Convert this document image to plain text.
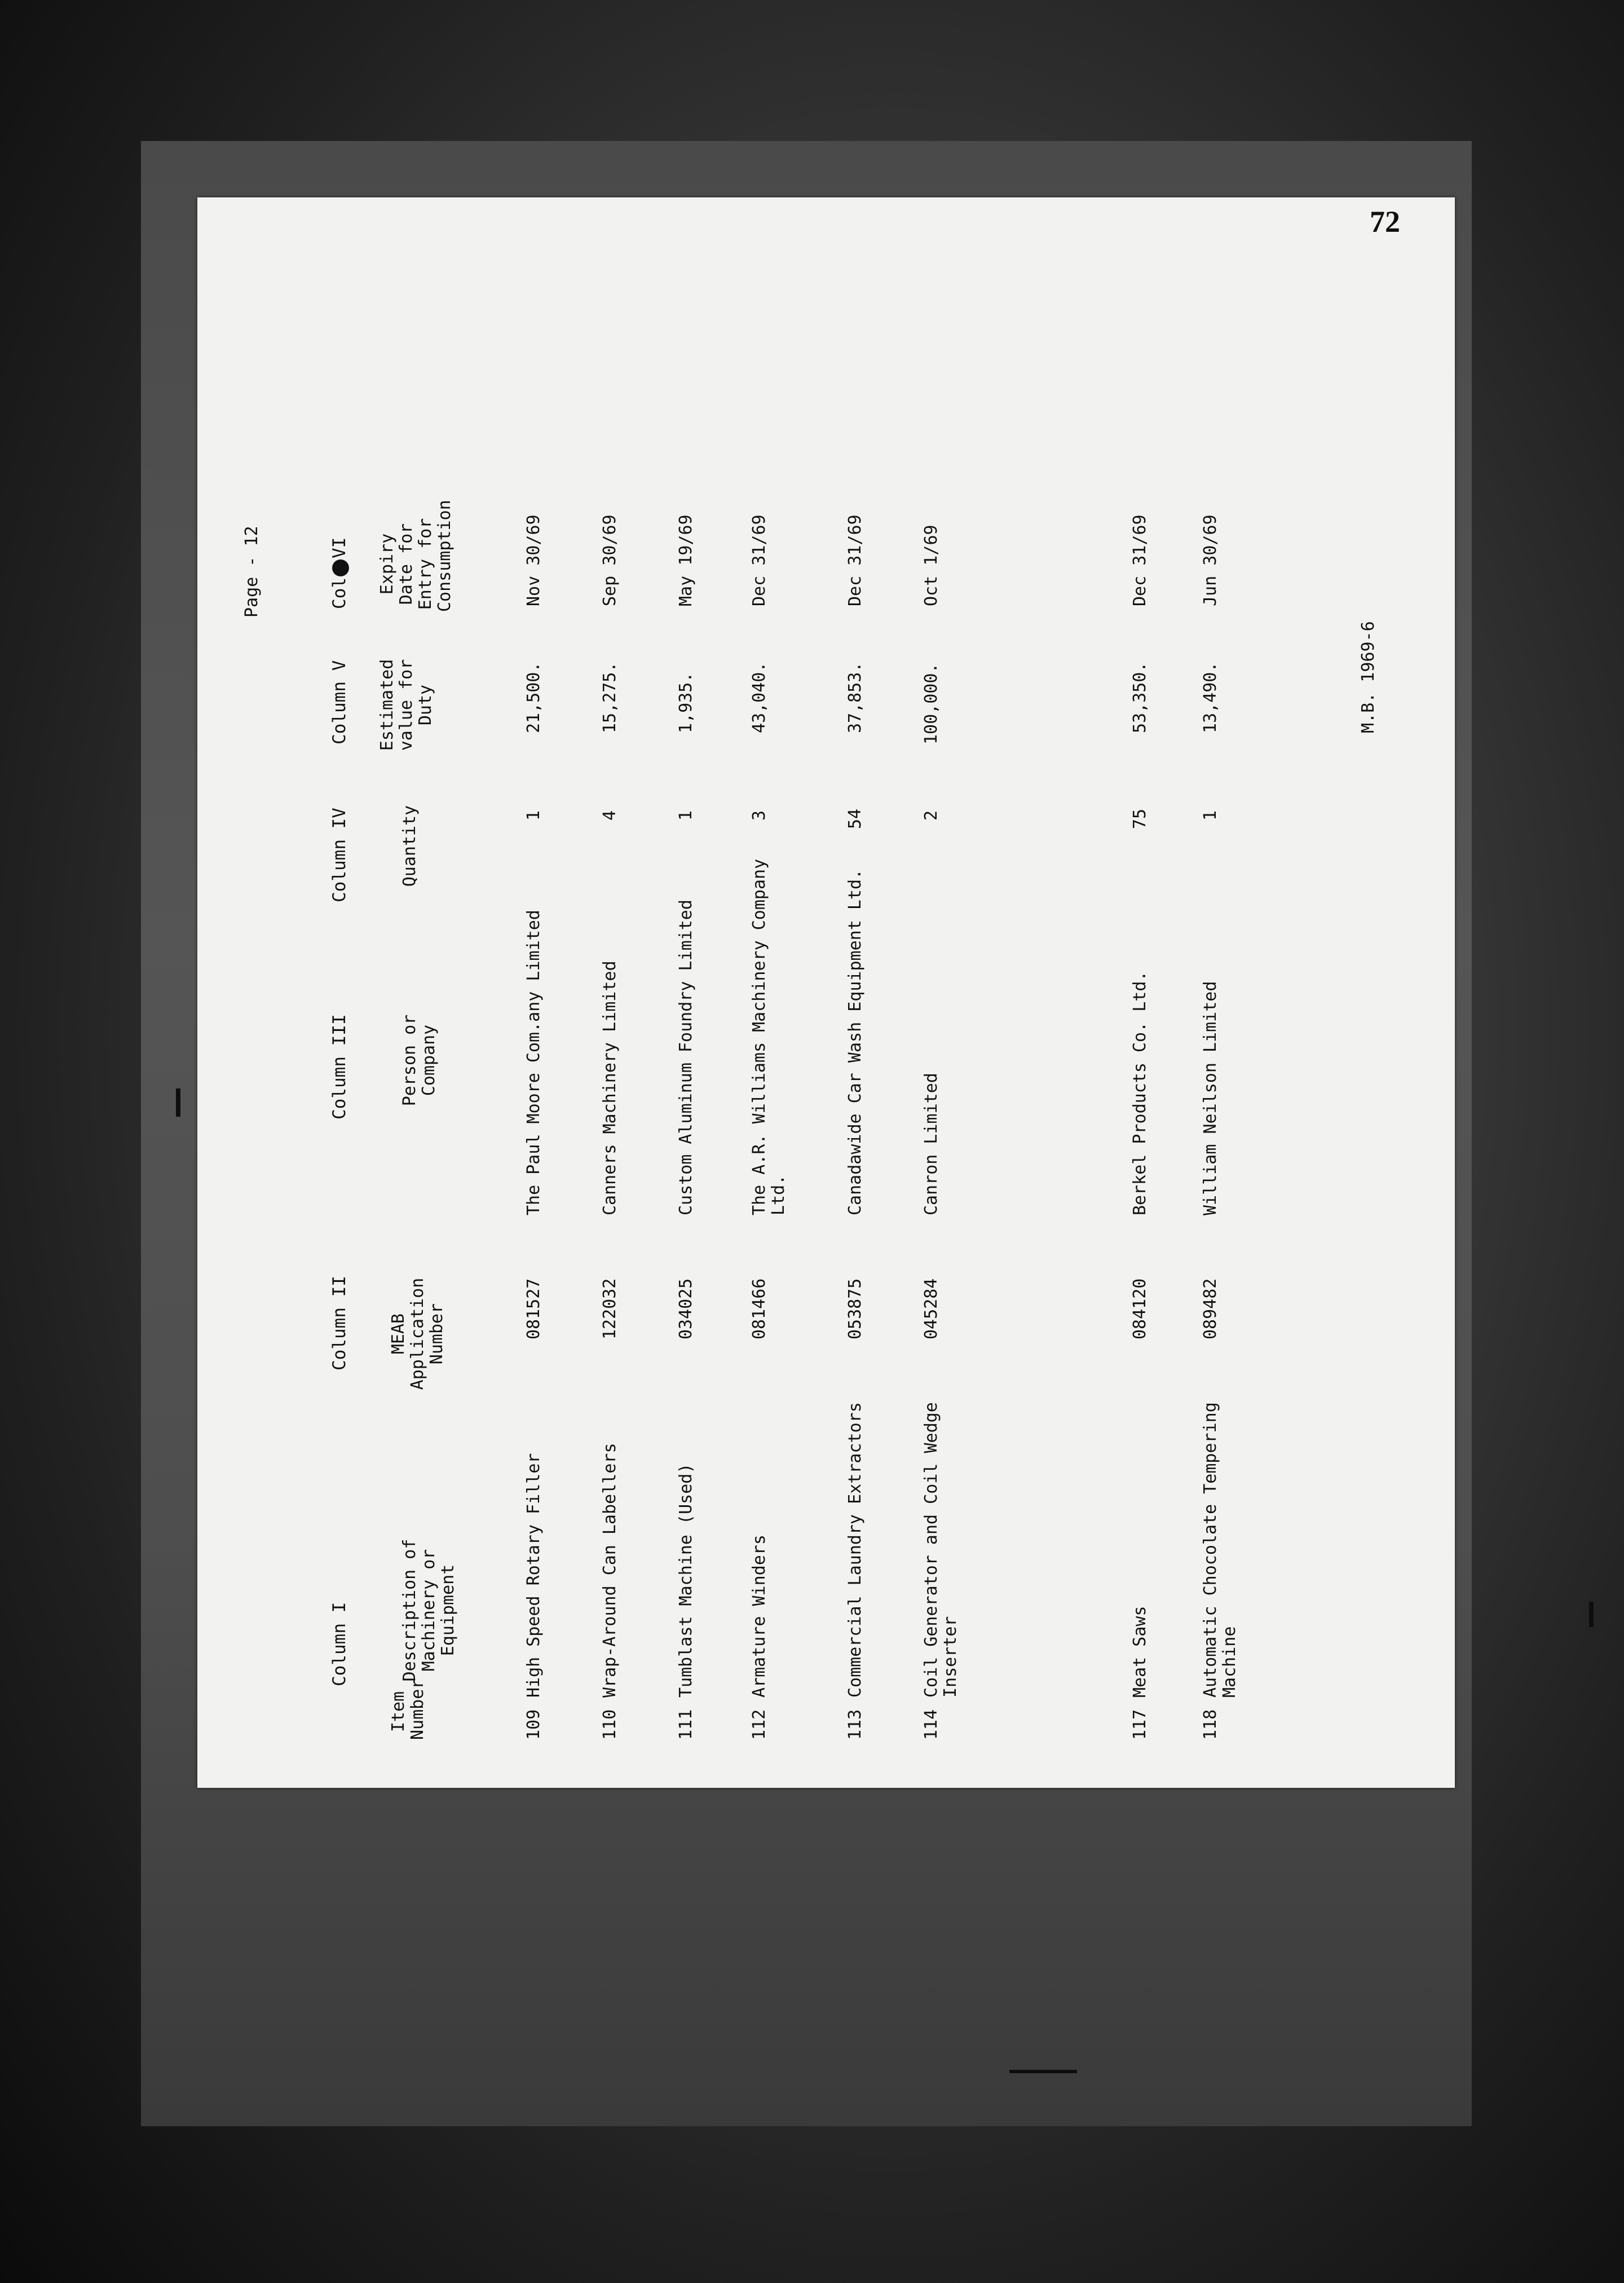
Page - 12
Column I
Column II
Column III
Column IV
Column V
ColVI
Item Number
Description of Machinery or Equipment
MEAB Application Number
Person or Company
Quantity
Estimated value for Duty
Expiry Date for Entry for Consumption
109
High Speed Rotary Filler
081527
The Paul Moore Com.any Limited
1
21,500.
Nov 30/69
110
Wrap-Around Can Labellers
122032
Canners Machinery Limited
4
15,275.
Sep 30/69
111
Tumblast Machine (Used)
034025
Custom Aluminum Foundry Limited
1
1,935.
May 19/69
112
Armature Winders
081466
The A.R. Williams Machinery Company Ltd.
3
43,040.
Dec 31/69
113
Commercial Laundry Extractors
053875
Canadawide Car Wash Equipment Ltd.
54
37,853.
Dec 31/69
114
Coil Generator and Coil Wedge Inserter
045284
Canron Limited
2
100,000.
Oct 1/69
117
Meat Saws
084120
Berkel Products Co. Ltd.
75
53,350.
Dec 31/69
118
Automatic Chocolate Tempering Machine
089482
William Neilson Limited
1
13,490.
Jun 30/69
M.B. 1969-6
72
